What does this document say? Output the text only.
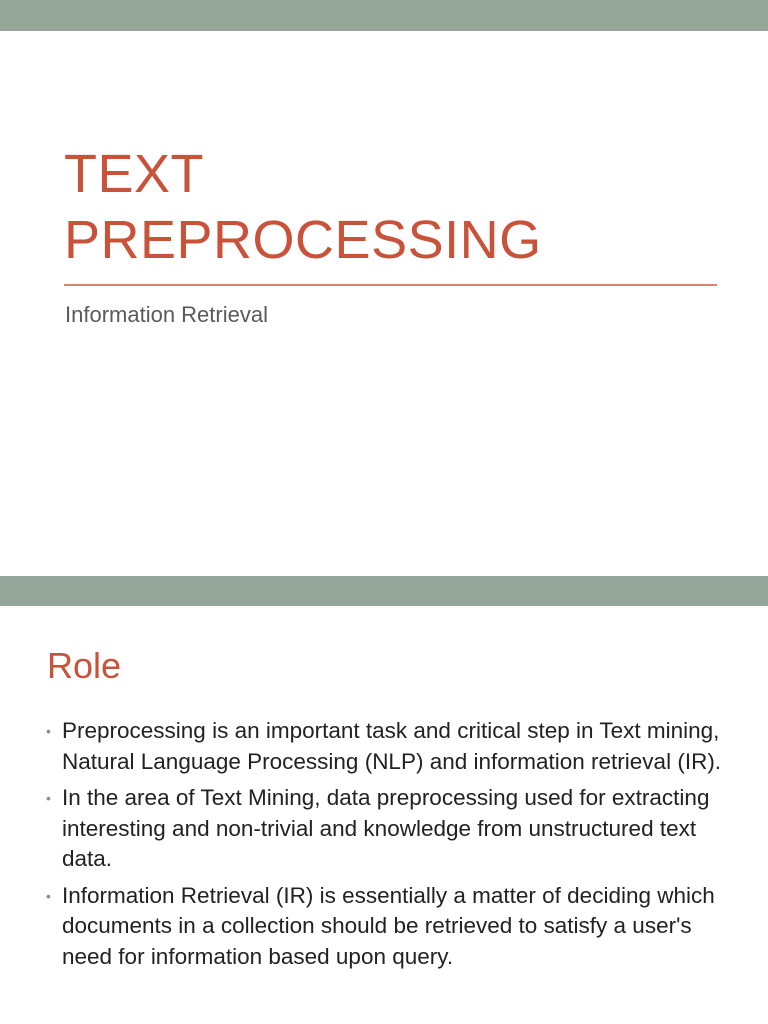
TEXT
PREPROCESSING

Information Retrieval

Role
• Preprocessing is an important task and critical step in Text mining, Natural Language Processing (NLP) and information retrieval (IR).
• In the area of Text Mining, data preprocessing used for extracting interesting and non-trivial and knowledge from unstructured text data.
• Information Retrieval (IR) is essentially a matter of deciding which documents in a collection should be retrieved to satisfy a user's need for information based upon query.
